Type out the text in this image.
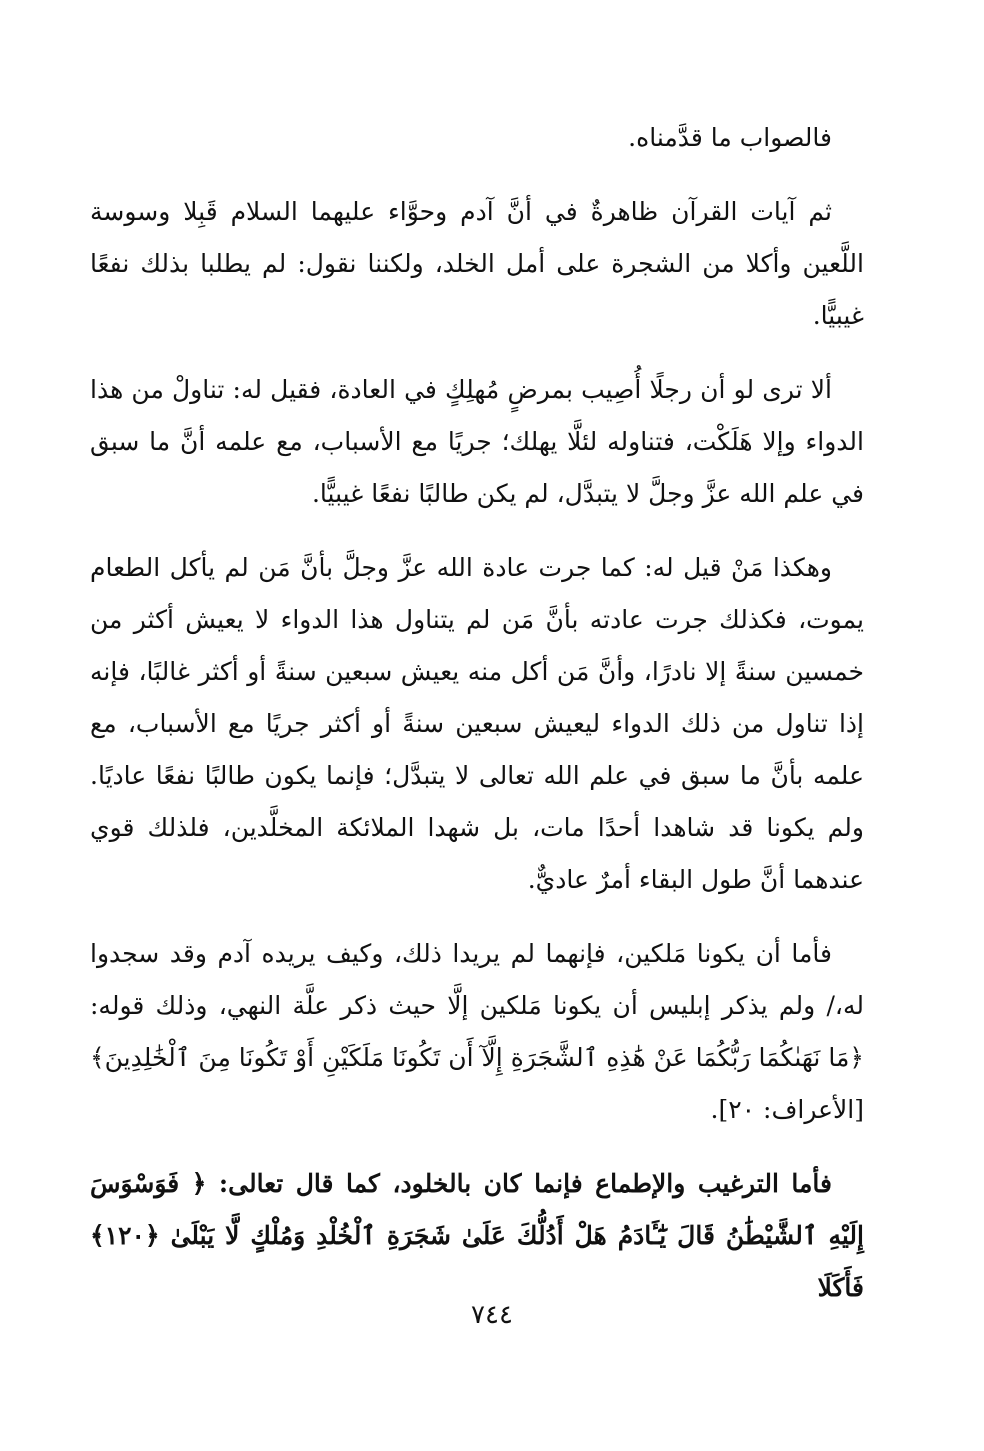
فالصواب ما قدَّمناه.

ثم آيات القرآن ظاهرةٌ في أنَّ آدم وحوَّاء عليهما السلام قَبِلا وسوسة اللَّعين وأكلا من الشجرة على أمل الخلد، ولكننا نقول: لم يطلبا بذلك نفعًا غيبيًّا.

ألا ترى لو أن رجلًا أُصِيب بمرضٍ مُهلِكٍ في العادة، فقيل له: تناولْ من هذا الدواء وإلا هَلَكْت، فتناوله لئلَّا يهلك؛ جريًا مع الأسباب، مع علمه أنَّ ما سبق في علم الله عزَّ وجلَّ لا يتبدَّل، لم يكن طالبًا نفعًا غيبيًّا.

وهكذا مَنْ قيل له: كما جرت عادة الله عزَّ وجلَّ بأنَّ مَن لم يأكل الطعام يموت، فكذلك جرت عادته بأنَّ مَن لم يتناول هذا الدواء لا يعيش أكثر من خمسين سنةً إلا نادرًا، وأنَّ مَن أكل منه يعيش سبعين سنةً أو أكثر غالبًا، فإنه إذا تناول من ذلك الدواء ليعيش سبعين سنةً أو أكثر جريًا مع الأسباب، مع علمه بأنَّ ما سبق في علم الله تعالى لا يتبدَّل؛ فإنما يكون طالبًا نفعًا عاديًا. ولم يكونا قد شاهدا أحدًا مات، بل شهدا الملائكة المخلَّدين، فلذلك قوي عندهما أنَّ طول البقاء أمرٌ عاديٌّ.

فأما أن يكونا مَلكين، فإنهما لم يريدا ذلك، وكيف يريده آدم وقد سجدوا له،/ ولم يذكر إبليس أن يكونا مَلكين إلَّا حيث ذكر علَّة النهي، وذلك قوله: ﴿مَا نَهَىٰكُمَا رَبُّكُمَا عَنْ هَٰذِهِ ٱلشَّجَرَةِ إِلَّآ أَن تَكُونَا مَلَكَيْنِ أَوْ تَكُونَا مِنَ ٱلْخَٰلِدِينَ﴾ [الأعراف: ٢٠].

فأما الترغيب والإطماع فإنما كان بالخلود، كما قال تعالى: ﴿ فَوَسْوَسَ إِلَيْهِ ٱلشَّيْطَٰنُ قَالَ يَٰٓـَٔادَمُ هَلْ أَدُلُّكَ عَلَىٰ شَجَرَةِ ٱلْخُلْدِ وَمُلْكٍ لَّا يَبْلَىٰ ﴿١٢٠﴾ فَأَكَلَا

٧٤٤
